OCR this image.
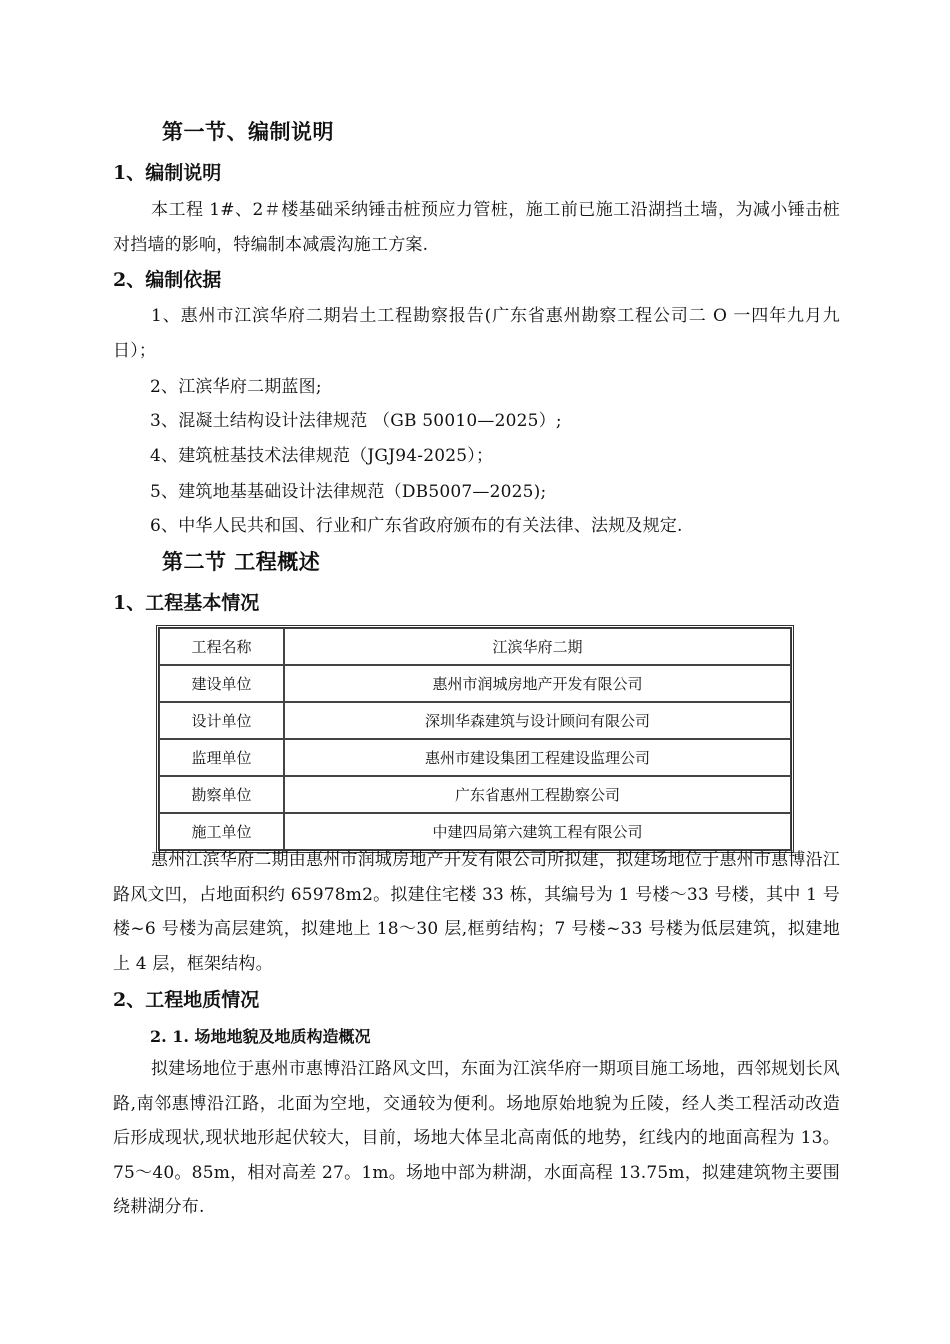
第一节、编制说明
1、编制说明
本工程 1#、2＃楼基础采纳锤击桩预应力管桩，施工前已施工沿湖挡土墙，为减小锤击桩对挡墙的影响，特编制本减震沟施工方案.
2、编制依据
1、惠州市江滨华府二期岩土工程勘察报告(广东省惠州勘察工程公司二 O 一四年九月九日）；
2、江滨华府二期蓝图;
3、混凝土结构设计法律规范 （GB 50010—2025）;
4、建筑桩基技术法律规范（JGJ94-2025）；
5、建筑地基基础设计法律规范（DB5007—2025);
6、中华人民共和国、行业和广东省政府颁布的有关法律、法规及规定.
第二节 工程概述
1、工程基本情况
工程名称	江滨华府二期
建设单位	惠州市润城房地产开发有限公司
设计单位	深圳华森建筑与设计顾问有限公司
监理单位	惠州市建设集团工程建设监理公司
勘察单位	广东省惠州工程勘察公司
施工单位	中建四局第六建筑工程有限公司
惠州江滨华府二期由惠州市润城房地产开发有限公司所拟建，拟建场地位于惠州市惠博沿江路风文凹，占地面积约 65978m2。拟建住宅楼 33 栋，其编号为 1 号楼～33 号楼，其中 1 号楼~6 号楼为高层建筑，拟建地上 18～30 层,框剪结构；7 号楼~33 号楼为低层建筑，拟建地上 4 层，框架结构。
2、工程地质情况
2. 1. 场地地貌及地质构造概况
拟建场地位于惠州市惠博沿江路风文凹，东面为江滨华府一期项目施工场地，西邻规划长风路,南邻惠博沿江路，北面为空地，交通较为便利。场地原始地貌为丘陵，经人类工程活动改造后形成现状,现状地形起伏较大，目前，场地大体呈北高南低的地势，红线内的地面高程为 13。75～40。85m，相对高差 27。1m。场地中部为耕湖，水面高程 13.75m，拟建建筑物主要围绕耕湖分布.
